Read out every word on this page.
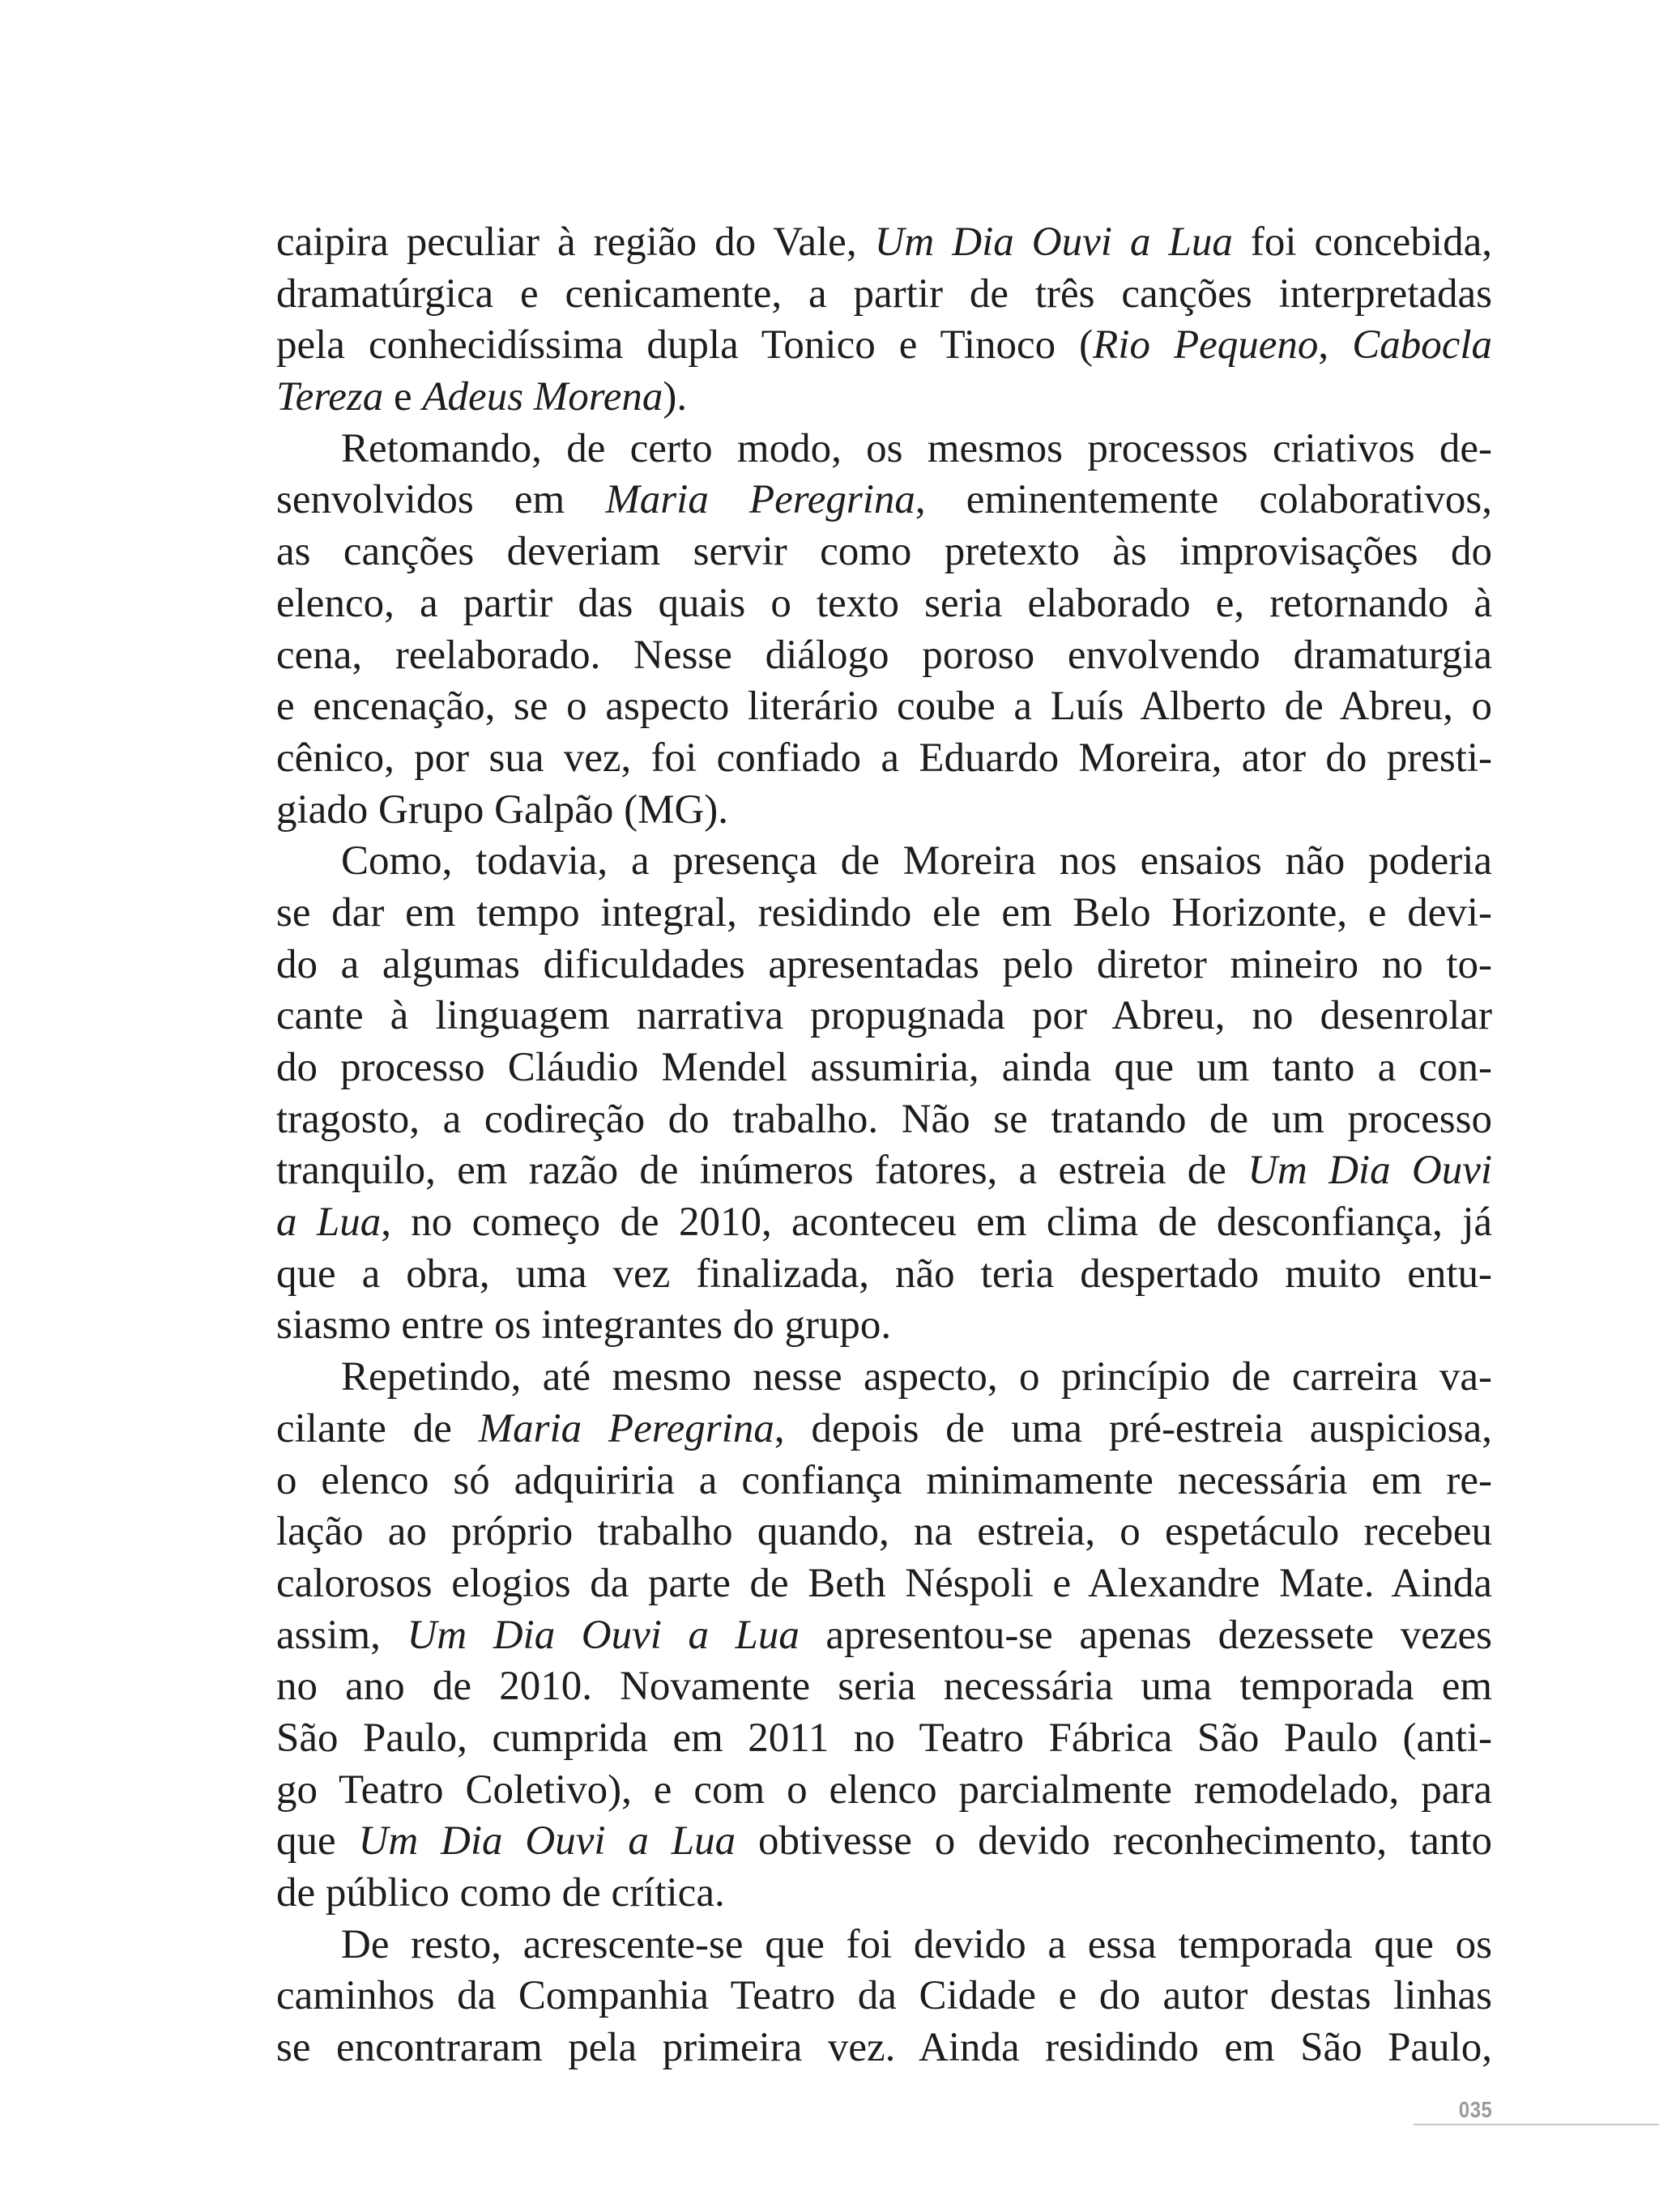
caipira peculiar à região do Vale, Um Dia Ouvi a Lua foi concebida,
dramatúrgica e cenicamente, a partir de três canções interpretadas
pela conhecidíssima dupla Tonico e Tinoco (Rio Pequeno, Cabocla
Tereza e Adeus Morena).
Retomando, de certo modo, os mesmos processos criativos de-
senvolvidos em Maria Peregrina, eminentemente colaborativos,
as canções deveriam servir como pretexto às improvisações do
elenco, a partir das quais o texto seria elaborado e, retornando à
cena, reelaborado. Nesse diálogo poroso envolvendo dramaturgia
e encenação, se o aspecto literário coube a Luís Alberto de Abreu, o
cênico, por sua vez, foi confiado a Eduardo Moreira, ator do presti-
giado Grupo Galpão (MG).
Como, todavia, a presença de Moreira nos ensaios não poderia
se dar em tempo integral, residindo ele em Belo Horizonte, e devi-
do a algumas dificuldades apresentadas pelo diretor mineiro no to-
cante à linguagem narrativa propugnada por Abreu, no desenrolar
do processo Cláudio Mendel assumiria, ainda que um tanto a con-
tragosto, a codireção do trabalho. Não se tratando de um processo
tranquilo, em razão de inúmeros fatores, a estreia de Um Dia Ouvi
a Lua, no começo de 2010, aconteceu em clima de desconfiança, já
que a obra, uma vez finalizada, não teria despertado muito entu-
siasmo entre os integrantes do grupo.
Repetindo, até mesmo nesse aspecto, o princípio de carreira va-
cilante de Maria Peregrina, depois de uma pré-estreia auspiciosa,
o elenco só adquiriria a confiança minimamente necessária em re-
lação ao próprio trabalho quando, na estreia, o espetáculo recebeu
calorosos elogios da parte de Beth Néspoli e Alexandre Mate. Ainda
assim, Um Dia Ouvi a Lua apresentou-se apenas dezessete vezes
no ano de 2010. Novamente seria necessária uma temporada em
São Paulo, cumprida em 2011 no Teatro Fábrica São Paulo (anti-
go Teatro Coletivo), e com o elenco parcialmente remodelado, para
que Um Dia Ouvi a Lua obtivesse o devido reconhecimento, tanto
de público como de crítica.
De resto, acrescente-se que foi devido a essa temporada que os
caminhos da Companhia Teatro da Cidade e do autor destas linhas
se encontraram pela primeira vez. Ainda residindo em São Paulo,
035
